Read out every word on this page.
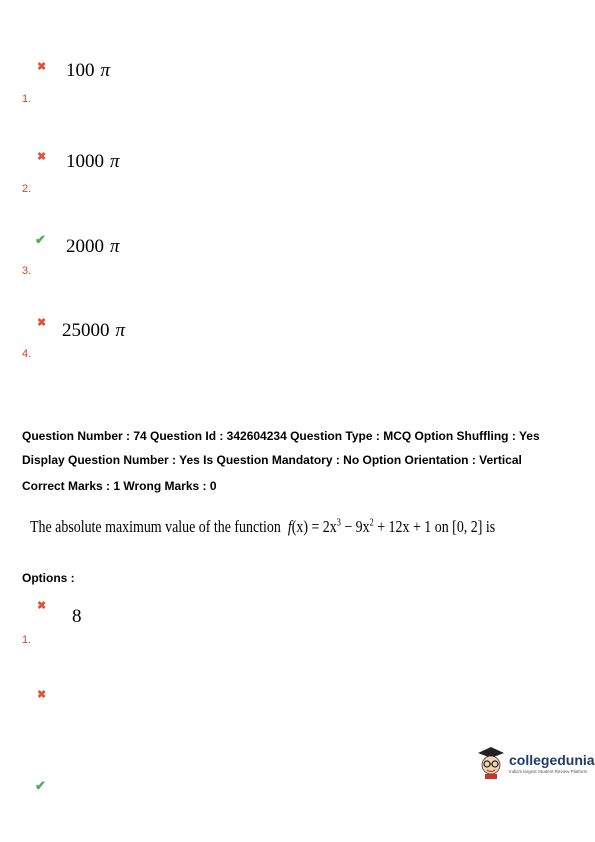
✖ 100 π
1.
✖ 1000 π
2.
✔ 2000 π
3.
✖ 25000 π
4.
Question Number : 74 Question Id : 342604234 Question Type : MCQ Option Shuffling : Yes
Display Question Number : Yes Is Question Mandatory : No Option Orientation : Vertical
Correct Marks : 1 Wrong Marks : 0
The absolute maximum value of the function $f(x) = 2x^3 - 9x^2 + 12x + 1$ on [0, 2] is
Options :
✖ 8
1.
✖
✔
collegedunia
India's largest Student Review Platform
